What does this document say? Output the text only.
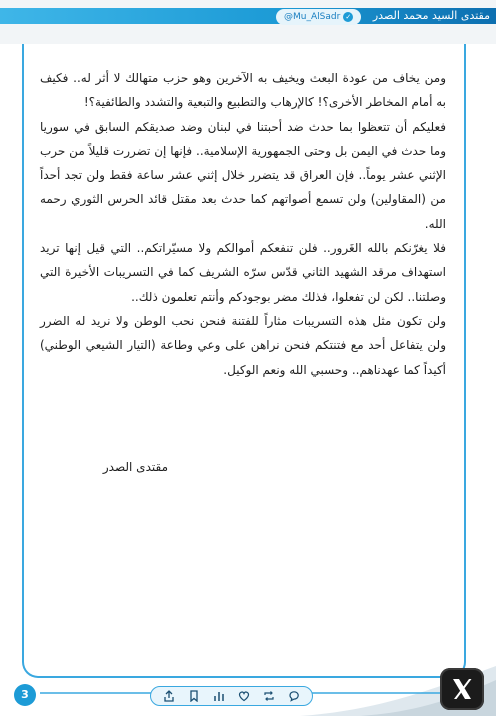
@Mu_AlSadr ✓	مقتدى السيد محمد الصدر

ومن يخاف من عودة البعث ويخيف به الآخرين وهو حزب متهالك لا أثر له.. فكيف به أمام المخاطر الأخرى؟! كالإرهاب والتطبيع والتبعية والتشدد والطائفية؟!

فعليكم أن تتعظوا بما حدث ضد أحبتنا في لبنان وضد صديقكم السابق في سوريا وما حدث في اليمن بل وحتى الجمهورية الإسلامية.. فإنها إن تضررت قليلاً من حرب الإثني عشر يوماً.. فإن العراق قد يتضرر خلال إثني عشر ساعة فقط ولن تجد أحداً من (المقاولين) ولن تسمع أصواتهم كما حدث بعد مقتل قائد الحرس الثوري رحمه الله.

فلا يغرّنكم بالله الغَرور.. فلن تنفعكم أموالكم ولا مسيّراتكم.. التي قيل إنها تريد استهداف مرقد الشهيد الثاني قدّس سرّه الشريف كما في التسريبات الأخيرة التي وصلتنا.. لكن لن تفعلوا، فذلك مضر بوجودكم وأنتم تعلمون ذلك..

ولن تكون مثل هذه التسريبات مثاراً للفتنة فنحن نحب الوطن ولا نريد له الضرر ولن يتفاعل أحد مع فتنتكم فنحن نراهن على وعي وطاعة (التيار الشيعي الوطني) أكيداً كما عهدناهم.. وحسبي الله ونعم الوكيل.

مقتدى الصدر
3
